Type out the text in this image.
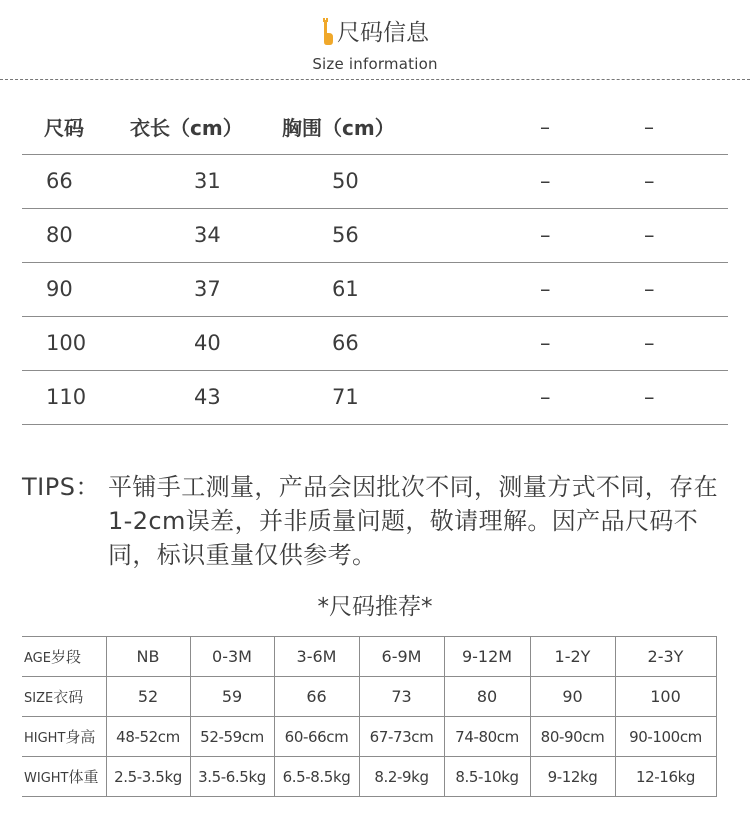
尺码信息
Size information
尺码	衣长（cm）	胸围（cm）	–	–
66	31	50	–	–
80	34	56	–	–
90	37	61	–	–
100	40	66	–	–
110	43	71	–	–
TIPS： 平铺手工测量，产品会因批次不同，测量方式不同，存在1-2cm误差，并非质量问题，敬请理解。因产品尺码不同，标识重量仅供参考。
*尺码推荐*
AGE岁段	NB	0-3M	3-6M	6-9M	9-12M	1-2Y	2-3Y
SIZE衣码	52	59	66	73	80	90	100
HIGHT身高	48-52cm	52-59cm	60-66cm	67-73cm	74-80cm	80-90cm	90-100cm
WIGHT体重	2.5-3.5kg	3.5-6.5kg	6.5-8.5kg	8.2-9kg	8.5-10kg	9-12kg	12-16kg
